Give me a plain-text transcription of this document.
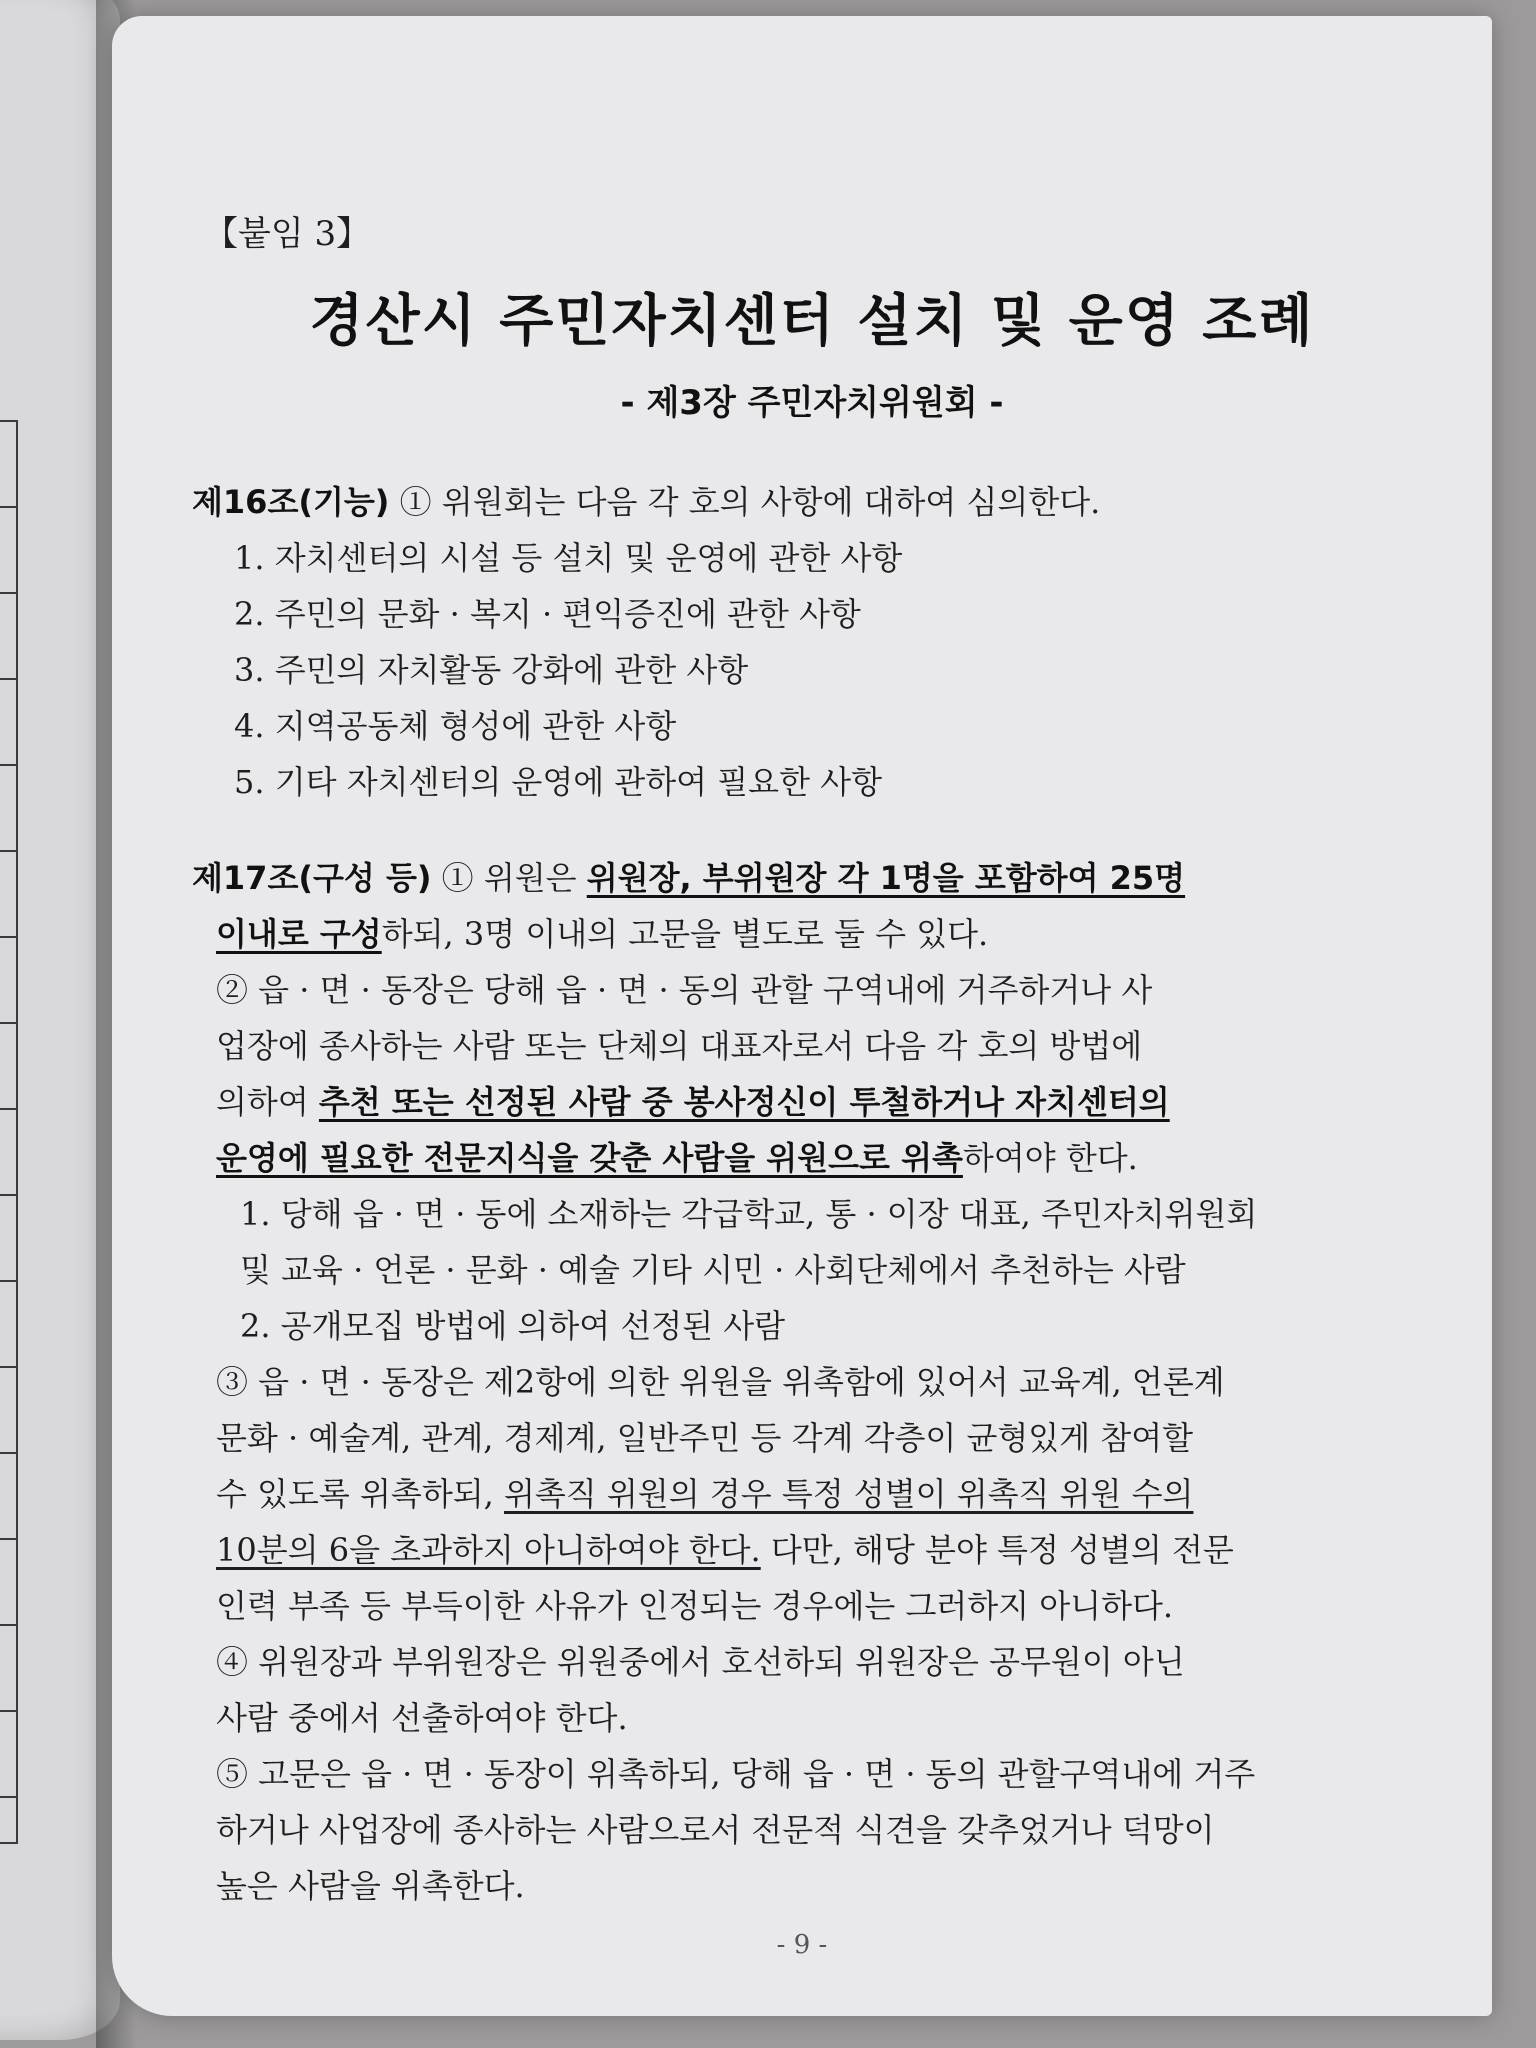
【붙임 3】
경산시 주민자치센터 설치 및 운영 조례
- 제3장 주민자치위원회 -
제16조(기능) ① 위원회는 다음 각 호의 사항에 대하여 심의한다.
1. 자치센터의 시설 등 설치 및 운영에 관한 사항
2. 주민의 문화 · 복지 · 편익증진에 관한 사항
3. 주민의 자치활동 강화에 관한 사항
4. 지역공동체 형성에 관한 사항
5. 기타 자치센터의 운영에 관하여 필요한 사항
제17조(구성 등) ① 위원은 위원장, 부위원장 각 1명을 포함하여 25명
이내로 구성하되, 3명 이내의 고문을 별도로 둘 수 있다.
② 읍 · 면 · 동장은 당해 읍 · 면 · 동의 관할 구역내에 거주하거나 사
업장에 종사하는 사람 또는 단체의 대표자로서 다음 각 호의 방법에
의하여 추천 또는 선정된 사람 중 봉사정신이 투철하거나 자치센터의
운영에 필요한 전문지식을 갖춘 사람을 위원으로 위촉하여야 한다.
1. 당해 읍 · 면 · 동에 소재하는 각급학교, 통 · 이장 대표, 주민자치위원회
및 교육 · 언론 · 문화 · 예술 기타 시민 · 사회단체에서 추천하는 사람
2. 공개모집 방법에 의하여 선정된 사람
③ 읍 · 면 · 동장은 제2항에 의한 위원을 위촉함에 있어서 교육계, 언론계
문화 · 예술계, 관계, 경제계, 일반주민 등 각계 각층이 균형있게 참여할
수 있도록 위촉하되, 위촉직 위원의 경우 특정 성별이 위촉직 위원 수의
10분의 6을 초과하지 아니하여야 한다. 다만, 해당 분야 특정 성별의 전문
인력 부족 등 부득이한 사유가 인정되는 경우에는 그러하지 아니하다.
④ 위원장과 부위원장은 위원중에서 호선하되 위원장은 공무원이 아닌
사람 중에서 선출하여야 한다.
⑤ 고문은 읍 · 면 · 동장이 위촉하되, 당해 읍 · 면 · 동의 관할구역내에 거주
하거나 사업장에 종사하는 사람으로서 전문적 식견을 갖추었거나 덕망이
높은 사람을 위촉한다.
- 9 -
